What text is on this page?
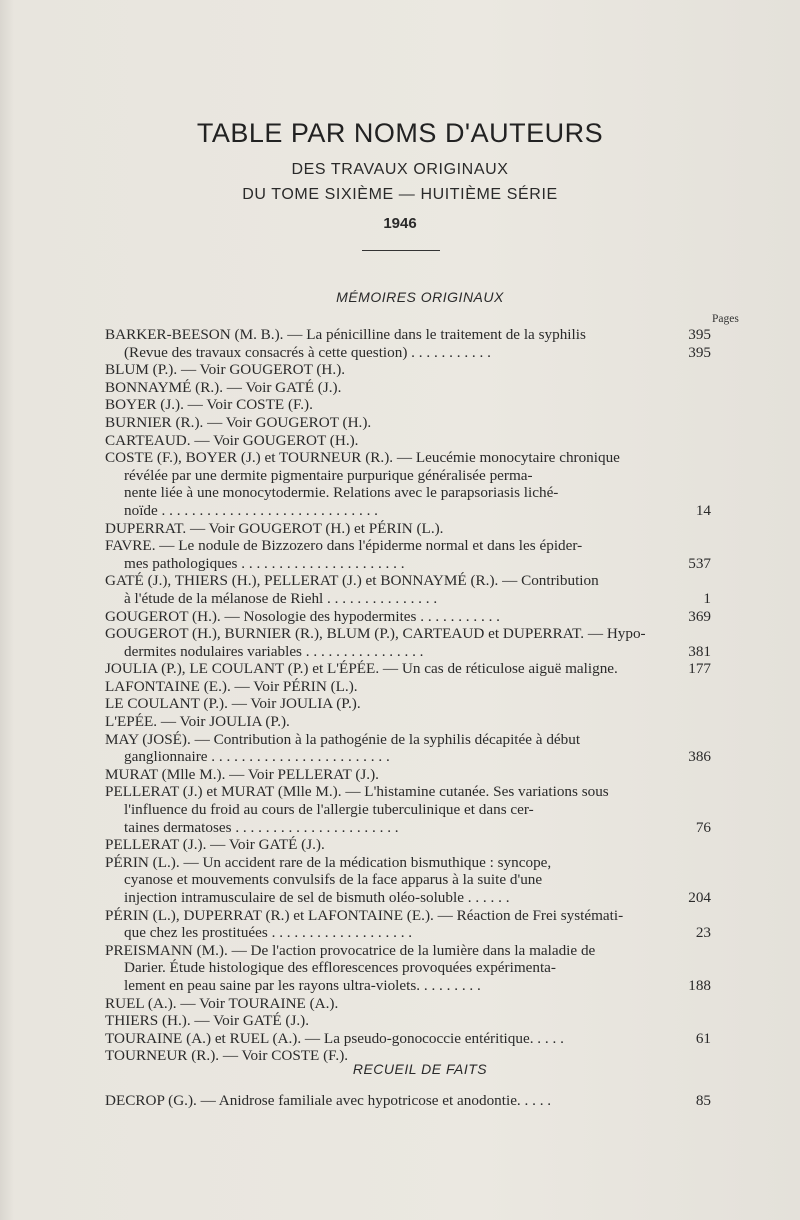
TABLE PAR NOMS D'AUTEURS
DES TRAVAUX ORIGINAUX
DU TOME SIXIÈME — HUITIÈME SÉRIE
1946
MÉMOIRES ORIGINAUX
Pages
BARKER-BEESON (M. B.). — La pénicilline dans le traitement de la syphilis	395
(Revue des travaux consacrés à cette question) . . . . . . . . . . .	395
BLUM (P.). — Voir GOUGEROT (H.).
BONNAYMÉ (R.). — Voir GATÉ (J.).
BOYER (J.). — Voir COSTE (F.).
BURNIER (R.). — Voir GOUGEROT (H.).
CARTEAUD. — Voir GOUGEROT (H.).
COSTE (F.), BOYER (J.) et TOURNEUR (R.). — Leucémie monocytaire chronique
révélée par une dermite pigmentaire purpurique généralisée perma-
nente liée à une monocytodermie. Relations avec le parapsoriasis liché-
noïde . . . . . . . . . . . . . . . . . . . . . . . . . . . . .	14
DUPERRAT. — Voir GOUGEROT (H.) et PÉRIN (L.).
FAVRE. — Le nodule de Bizzozero dans l'épiderme normal et dans les épider-
mes pathologiques . . . . . . . . . . . . . . . . . . . . . .	537
GATÉ (J.), THIERS (H.), PELLERAT (J.) et BONNAYMÉ (R.). — Contribution
à l'étude de la mélanose de Riehl . . . . . . . . . . . . . . .	1
GOUGEROT (H.). — Nosologie des hypodermites . . . . . . . . . . .	369
GOUGEROT (H.), BURNIER (R.), BLUM (P.), CARTEAUD et DUPERRAT. — Hypo-
dermites nodulaires variables . . . . . . . . . . . . . . . .	381
JOULIA (P.), LE COULANT (P.) et L'ÉPÉE. — Un cas de réticulose aiguë maligne.	177
LAFONTAINE (E.). — Voir PÉRIN (L.).
LE COULANT (P.). — Voir JOULIA (P.).
L'EPÉE. — Voir JOULIA (P.).
MAY (JOSÉ). — Contribution à la pathogénie de la syphilis décapitée à début
ganglionnaire . . . . . . . . . . . . . . . . . . . . . . . .	386
MURAT (Mlle M.). — Voir PELLERAT (J.).
PELLERAT (J.) et MURAT (Mlle M.). — L'histamine cutanée. Ses variations sous
l'influence du froid au cours de l'allergie tuberculinique et dans cer-
taines dermatoses . . . . . . . . . . . . . . . . . . . . . .	76
PELLERAT (J.). — Voir GATÉ (J.).
PÉRIN (L.). — Un accident rare de la médication bismuthique : syncope,
cyanose et mouvements convulsifs de la face apparus à la suite d'une
injection intramusculaire de sel de bismuth oléo-soluble . . . . . .	204
PÉRIN (L.), DUPERRAT (R.) et LAFONTAINE (E.). — Réaction de Frei systémati-
que chez les prostituées . . . . . . . . . . . . . . . . . . .	23
PREISMANN (M.). — De l'action provocatrice de la lumière dans la maladie de
Darier. Étude histologique des efflorescences provoquées expérimenta-
lement en peau saine par les rayons ultra-violets. . . . . . . . .	188
RUEL (A.). — Voir TOURAINE (A.).
THIERS (H.). — Voir GATÉ (J.).
TOURAINE (A.) et RUEL (A.). — La pseudo-gonococcie entéritique. . . . .	61
TOURNEUR (R.). — Voir COSTE (F.).
RECUEIL DE FAITS
DECROP (G.). — Anidrose familiale avec hypotricose et anodontie. . . . .	85
